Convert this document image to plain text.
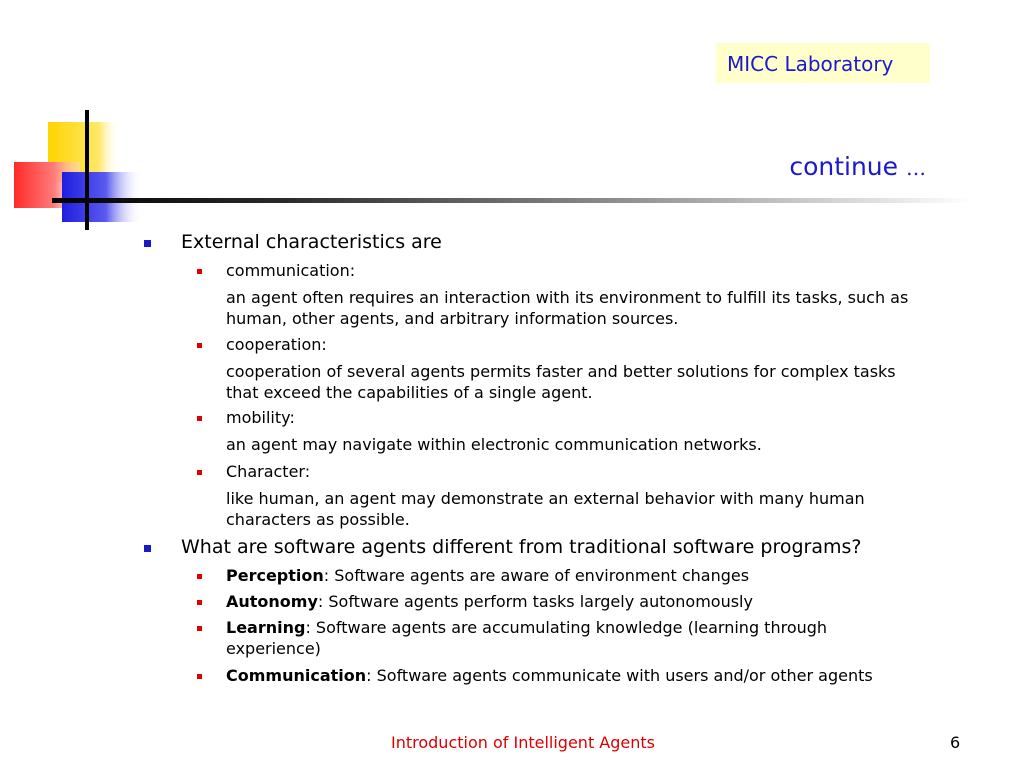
MICC Laboratory
continue …
External characteristics are
communication:
an agent often requires an interaction with its environment to fulfill its tasks, such as
human, other agents, and arbitrary information sources.
cooperation:
cooperation of several agents permits faster and better solutions for complex tasks
that exceed the capabilities of a single agent.
mobility:
an agent may navigate within electronic communication networks.
Character:
like human, an agent may demonstrate an external behavior with many human
characters as possible.
What are software agents different from traditional software programs?
Perception: Software agents are aware of environment changes
Autonomy: Software agents perform tasks largely autonomously
Learning: Software agents are accumulating knowledge (learning through
experience)
Communication: Software agents communicate with users and/or other agents
Introduction of Intelligent Agents	6
